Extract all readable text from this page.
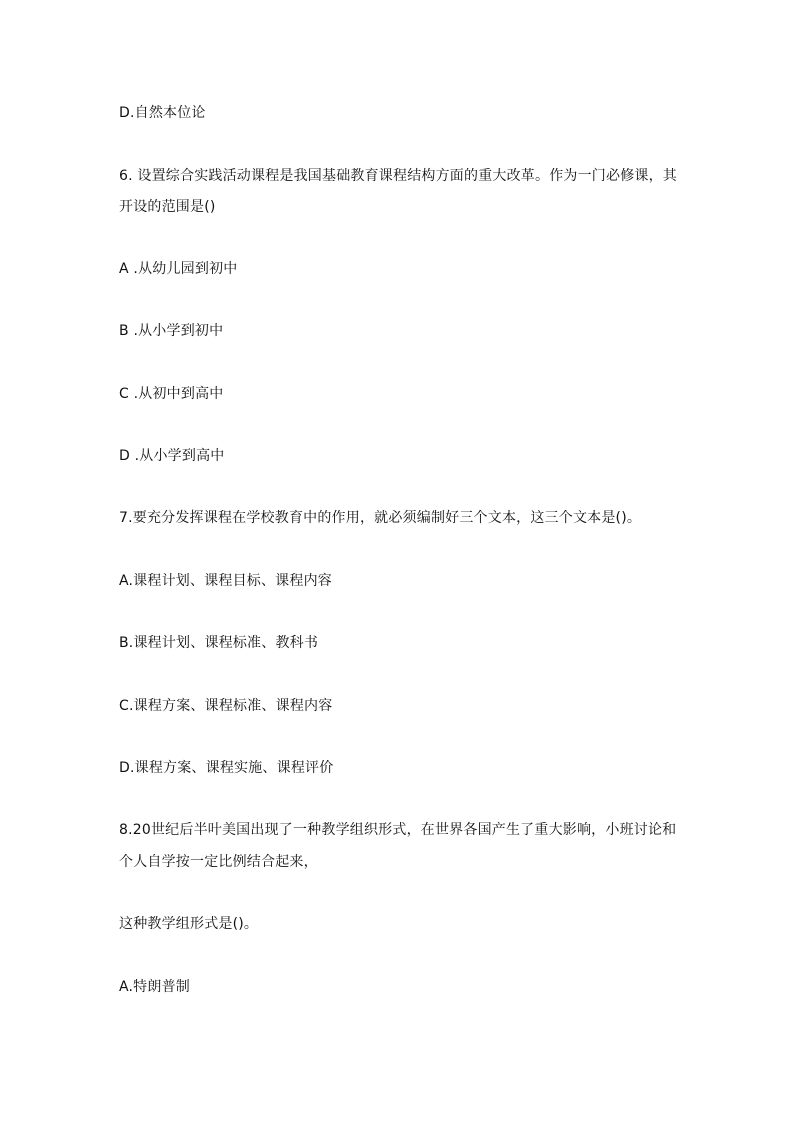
D.自然本位论
6. 设置综合实践活动课程是我国基础教育课程结构方面的重大改革。作为一门必修课，其
开设的范围是()
A .从幼儿园到初中
B .从小学到初中
C .从初中到高中
D .从小学到高中
7.要充分发挥课程在学校教育中的作用，就必须编制好三个文本，这三个文本是()。
A.课程计划、课程目标、课程内容
B.课程计划、课程标准、教科书
C.课程方案、课程标准、课程内容
D.课程方案、课程实施、课程评价
8.20世纪后半叶美国出现了一种教学组织形式，在世界各国产生了重大影响，小班讨论和
个人自学按一定比例结合起来，
这种教学组形式是()。
A.特朗普制
